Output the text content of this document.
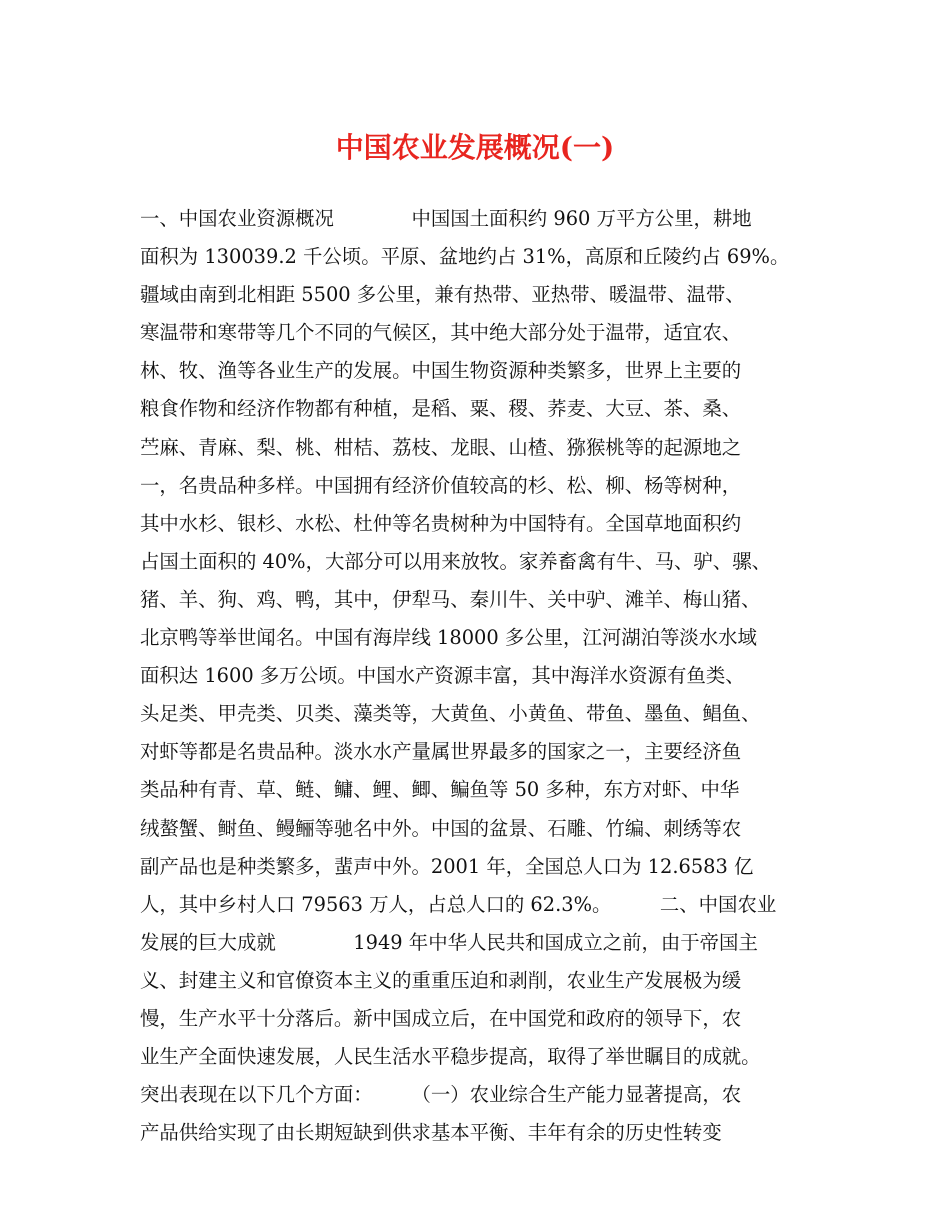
中国农业发展概况(一)

一、中国农业资源概况　　　　中国国土面积约 960 万平方公里，耕地

面积为 130039.2 千公顷。平原、盆地约占 31%，高原和丘陵约占 69%。

疆域由南到北相距 5500 多公里，兼有热带、亚热带、暖温带、温带、

寒温带和寒带等几个不同的气候区，其中绝大部分处于温带，适宜农、

林、牧、渔等各业生产的发展。中国生物资源种类繁多，世界上主要的

粮食作物和经济作物都有种植，是稻、粟、稷、荞麦、大豆、茶、桑、

苎麻、青麻、梨、桃、柑桔、荔枝、龙眼、山楂、猕猴桃等的起源地之

一，名贵品种多样。中国拥有经济价值较高的杉、松、柳、杨等树种，

其中水杉、银杉、水松、杜仲等名贵树种为中国特有。全国草地面积约

占国土面积的 40%，大部分可以用来放牧。家养畜禽有牛、马、驴、骡、

猪、羊、狗、鸡、鸭，其中，伊犁马、秦川牛、关中驴、滩羊、梅山猪、

北京鸭等举世闻名。中国有海岸线 18000 多公里，江河湖泊等淡水水域

面积达 1600 多万公顷。中国水产资源丰富，其中海洋水资源有鱼类、

头足类、甲壳类、贝类、藻类等，大黄鱼、小黄鱼、带鱼、墨鱼、鲳鱼、

对虾等都是名贵品种。淡水水产量属世界最多的国家之一，主要经济鱼

类品种有青、草、鲢、鳙、鲤、鲫、鳊鱼等 50 多种，东方对虾、中华

绒螯蟹、鲥鱼、鳗鲡等驰名中外。中国的盆景、石雕、竹编、刺绣等农

副产品也是种类繁多，蜚声中外。2001 年，全国总人口为 12.6583 亿

人，其中乡村人口 79563 万人，占总人口的 62.3%。　　　二、中国农业

发展的巨大成就　　　　1949 年中华人民共和国成立之前，由于帝国主

义、封建主义和官僚资本主义的重重压迫和剥削，农业生产发展极为缓

慢，生产水平十分落后。新中国成立后，在中国党和政府的领导下，农

业生产全面快速发展，人民生活水平稳步提高，取得了举世瞩目的成就。

突出表现在以下几个方面：　　　（一）农业综合生产能力显著提高，农

产品供给实现了由长期短缺到供求基本平衡、丰年有余的历史性转变
